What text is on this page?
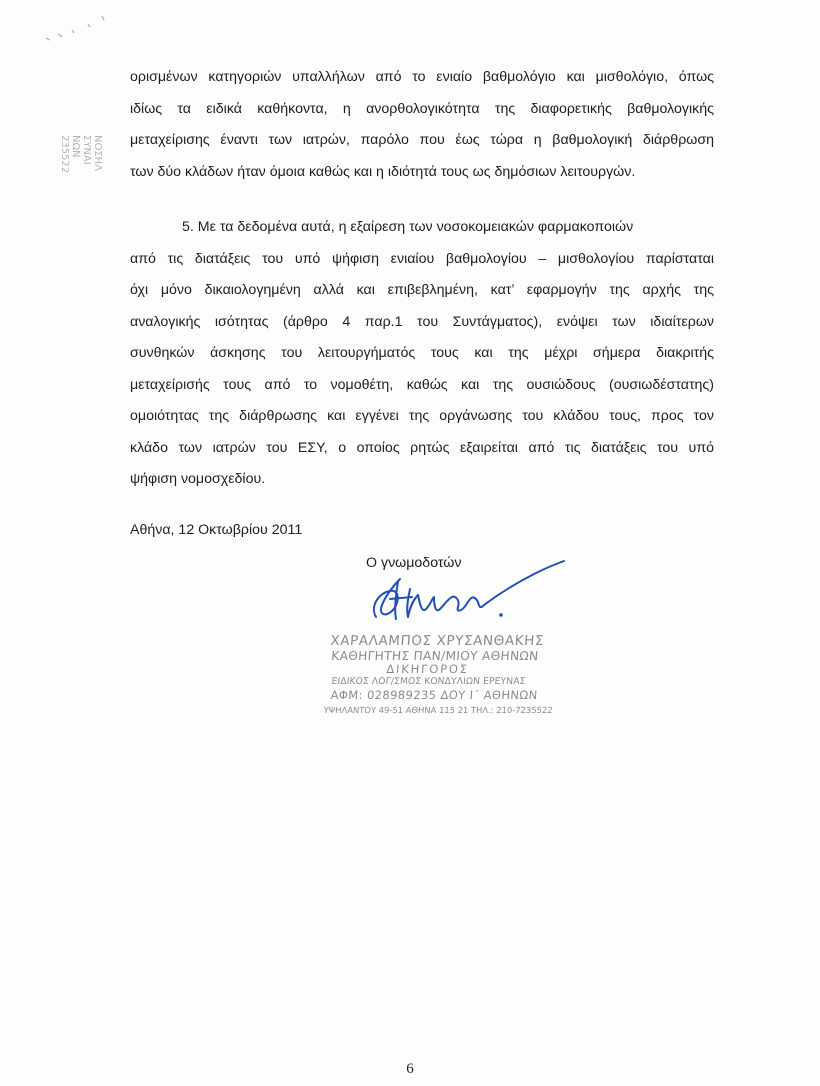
ΝΟΣΗΛ
ΣΥΝΑΙ
ΝΩΝ
235522
ορισμένων κατηγοριών υπαλλήλων από το ενιαίο βαθμολόγιο και μισθολόγιο, όπως
ιδίως τα ειδικά καθήκοντα, η ανορθολογικότητα της διαφορετικής βαθμολογικής
μεταχείρισης έναντι των ιατρών, παρόλο που έως τώρα η βαθμολογική διάρθρωση
των δύο κλάδων ήταν όμοια καθώς και η ιδιότητά τους ως δημόσιων λειτουργών.
5. Με τα δεδομένα αυτά, η εξαίρεση των νοσοκομειακών φαρμακοποιών
από τις διατάξεις του υπό ψήφιση ενιαίου βαθμολογίου – μισθολογίου παρίσταται
όχι μόνο δικαιολογημένη αλλά και επιβεβλημένη, κατ’ εφαρμογήν της αρχής της
αναλογικής ισότητας (άρθρο 4 παρ.1 του Συντάγματος), ενόψει των ιδιαίτερων
συνθηκών άσκησης του λειτουργήματός τους και της μέχρι σήμερα διακριτής
μεταχείρισής τους από το νομοθέτη, καθώς και της ουσιώδους (ουσιωδέστατης)
ομοιότητας της διάρθρωσης και εγγένει της οργάνωσης του κλάδου τους, προς τον
κλάδο των ιατρών του ΕΣΥ, ο οποίος ρητώς εξαιρείται από τις διατάξεις του υπό
ψήφιση νομοσχεδίου.
Αθήνα, 12 Οκτωβρίου 2011
Ο γνωμοδοτών
ΧΑΡΑΛΑΜΠΟΣ ΧΡΥΣΑΝΘΑΚΗΣ
ΚΑΘΗΓΗΤΗΣ ΠΑΝ/ΜΙΟΥ ΑΘΗΝΩΝ
ΔΙΚΗΓΟΡΟΣ
ΕΙΔΙΚΟΣ ΛΟΓ/ΣΜΟΣ ΚΟΝΔΥΛΙΩΝ ΕΡΕΥΝΑΣ
ΑΦΜ: 028989235 ΔΟΥ Ι΄ ΑΘΗΝΩΝ
ΥΨΗΛΑΝΤΟΥ 49-51 ΑΘΗΝΑ 115 21 ΤΗΛ.: 210-7235522
6
